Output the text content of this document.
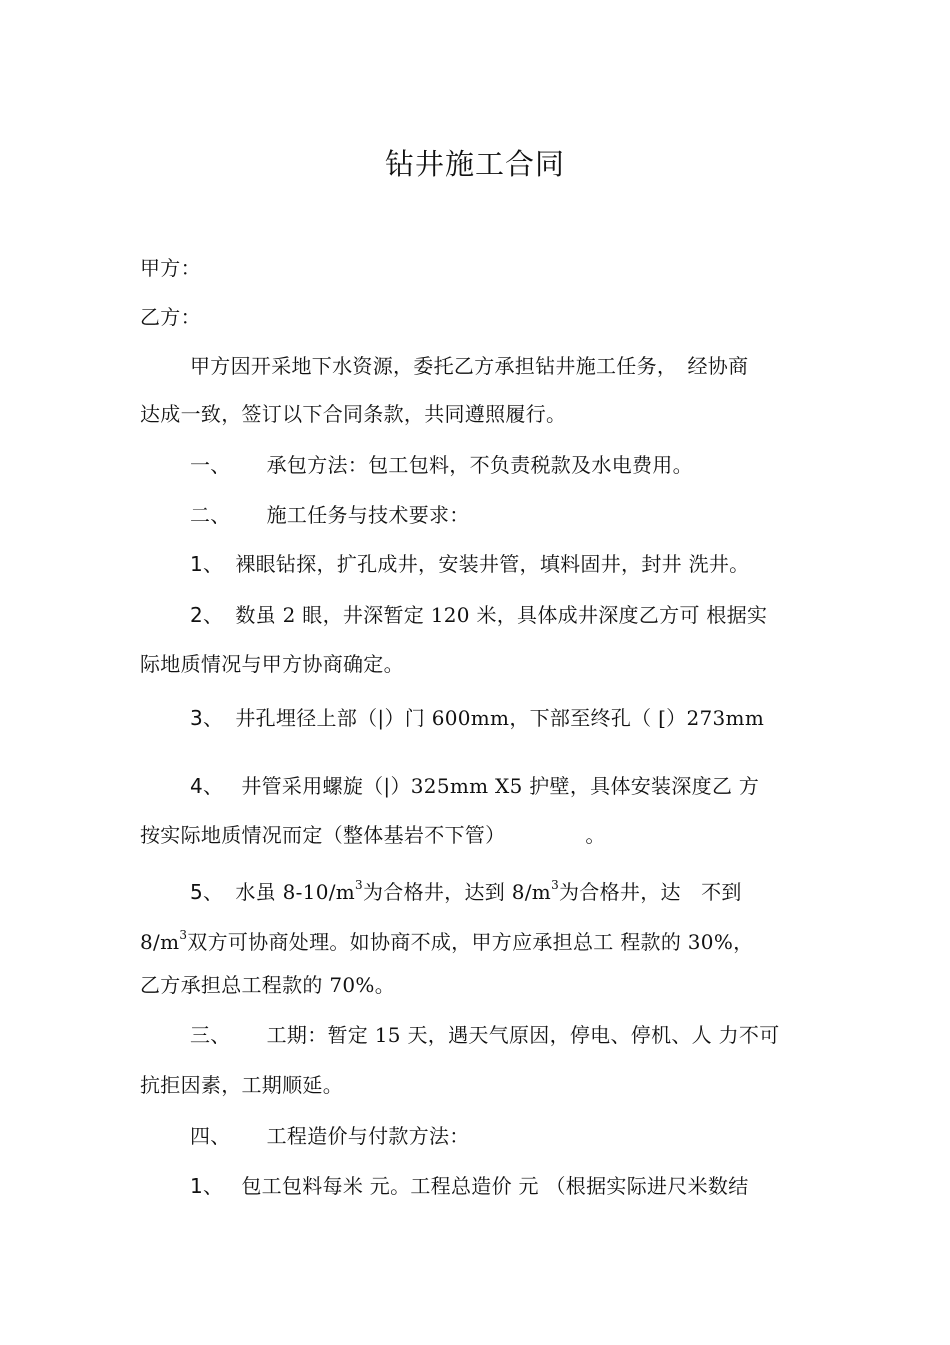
钻井施工合同
甲方：
乙方：
甲方因开采地下水资源，委托乙方承担钻井施工任务，　经协商
达成一致，签订以下合同条款，共同遵照履行。
一、 承包方法：包工包料，不负责税款及水电费用。
二、 施工任务与技术要求：
1、 裸眼钻探，扩孔成井，安装井管，填料固井，封井 洗井。
2、 数虽 2 眼，井深暂定 120 米，具体成井深度乙方可 根据实
际地质情况与甲方协商确定。
3、 井孔埋径上部（|）门 600mm，下部至终孔（ [）273mm
4、 井管采用螺旋（|）325mm X5 护壁，具体安装深度乙 方
按实际地质情况而定（整体基岩不下管）	。
5、 水虽 $8-10/m^3$为合格井，达到 $8/m^3$为合格井，达　不到
$8/m^3$双方可协商处理。如协商不成，甲方应承担总工 程款的 30%，
乙方承担总工程款的 70%。
三、 工期：暂定 15 天，遇天气原因，停电、停机、人 力不可
抗拒因素，工期顺延。
四、 工程造价与付款方法：
1、 包工包料每米 元。工程总造价 元 （根据实际进尺米数结
